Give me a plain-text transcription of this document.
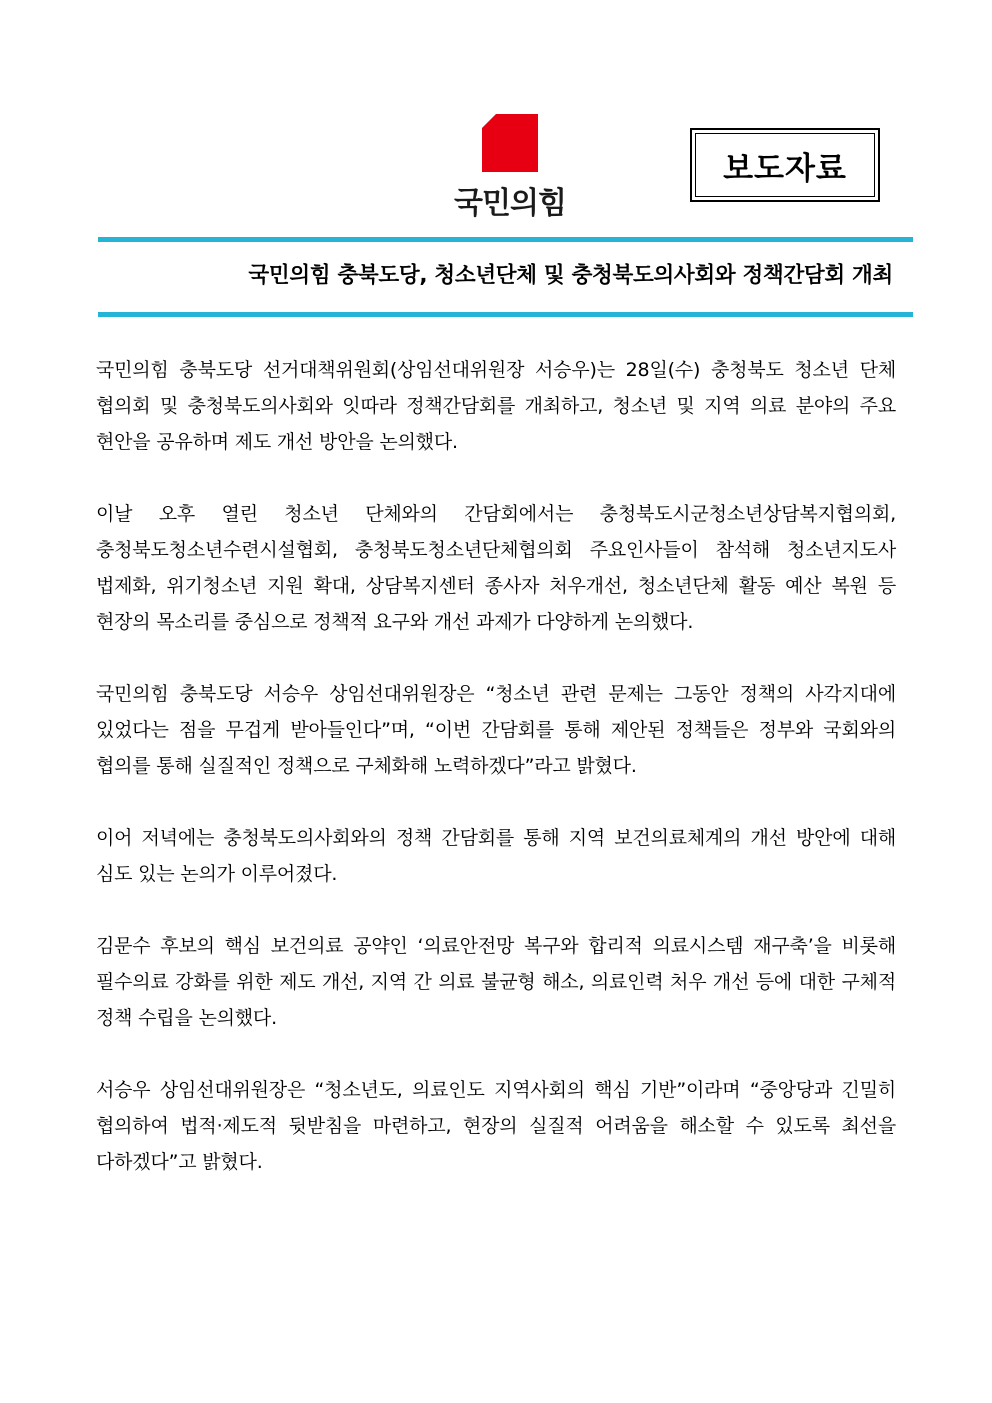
국민의힘
보도자료
국민의힘 충북도당, 청소년단체 및 충청북도의사회와 정책간담회 개최

국민의힘 충북도당 선거대책위원회(상임선대위원장 서승우)는 28일(수) 충청북도 청소년 단체 협의회 및 충청북도의사회와 잇따라 정책간담회를 개최하고, 청소년 및 지역 의료 분야의 주요 현안을 공유하며 제도 개선 방안을 논의했다.

이날 오후 열린 청소년 단체와의 간담회에서는 충청북도시군청소년상담복지협의회, 충청북도청소년수련시설협회, 충청북도청소년단체협의회 주요인사들이 참석해 청소년지도사 법제화, 위기청소년 지원 확대, 상담복지센터 종사자 처우개선, 청소년단체 활동 예산 복원 등 현장의 목소리를 중심으로 정책적 요구와 개선 과제가 다양하게 논의했다.

국민의힘 충북도당 서승우 상임선대위원장은 “청소년 관련 문제는 그동안 정책의 사각지대에 있었다는 점을 무겁게 받아들인다”며, “이번 간담회를 통해 제안된 정책들은 정부와 국회와의 협의를 통해 실질적인 정책으로 구체화해 노력하겠다”라고 밝혔다.

이어 저녁에는 충청북도의사회와의 정책 간담회를 통해 지역 보건의료체계의 개선 방안에 대해 심도 있는 논의가 이루어졌다.

김문수 후보의 핵심 보건의료 공약인 ‘의료안전망 복구와 합리적 의료시스템 재구축’을 비롯해 필수의료 강화를 위한 제도 개선, 지역 간 의료 불균형 해소, 의료인력 처우 개선 등에 대한 구체적 정책 수립을 논의했다.

서승우 상임선대위원장은 “청소년도, 의료인도 지역사회의 핵심 기반”이라며 “중앙당과 긴밀히 협의하여 법적·제도적 뒷받침을 마련하고, 현장의 실질적 어려움을 해소할 수 있도록 최선을 다하겠다”고 밝혔다.
